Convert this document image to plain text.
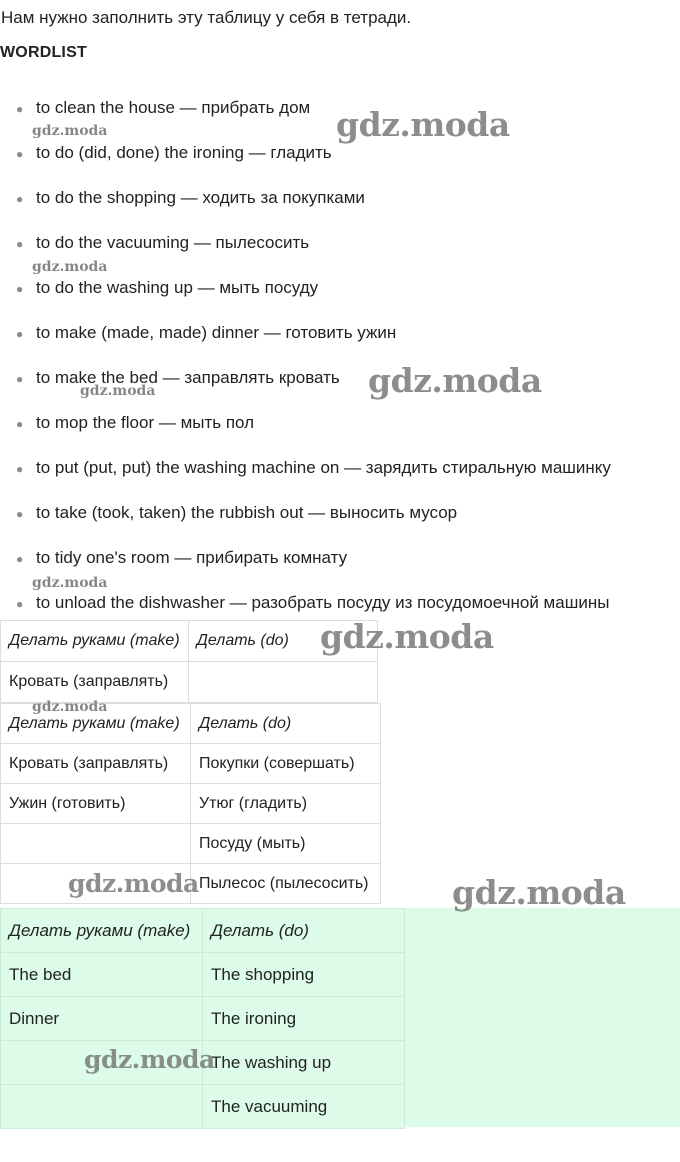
Нам нужно заполнить эту таблицу у себя в тетради.
WORDLIST
● to clean the house — прибрать дом
● to do (did, done) the ironing — гладить
● to do the shopping — ходить за покупками
● to do the vacuuming — пылесосить
● to do the washing up — мыть посуду
● to make (made, made) dinner — готовить ужин
● to make the bed — заправлять кровать
● to mop the floor — мыть пол
● to put (put, put) the washing machine on — зарядить стиральную машинку
● to take (took, taken) the rubbish out — выносить мусор
● to tidy one's room — прибирать комнату
● to unload the dishwasher — разобрать посуду из посудомоечной машины
Делать руками (make)	Делать (do)
Кровать (заправлять)	
Делать руками (make)	Делать (do)
Кровать (заправлять)	Покупки (совершать)
Ужин (готовить)	Утюг (гладить)
	Посуду (мыть)
	Пылесос (пылесосить)
Делать руками (make)	Делать (do)
The bed	The shopping
Dinner	The ironing
	The washing up
	The vacuuming
gdz.moda
gdz.moda
gdz.moda
gdz.moda
gdz.moda
gdz.moda
gdz.moda
gdz.moda
gdz.moda
gdz.moda
gdz.moda
